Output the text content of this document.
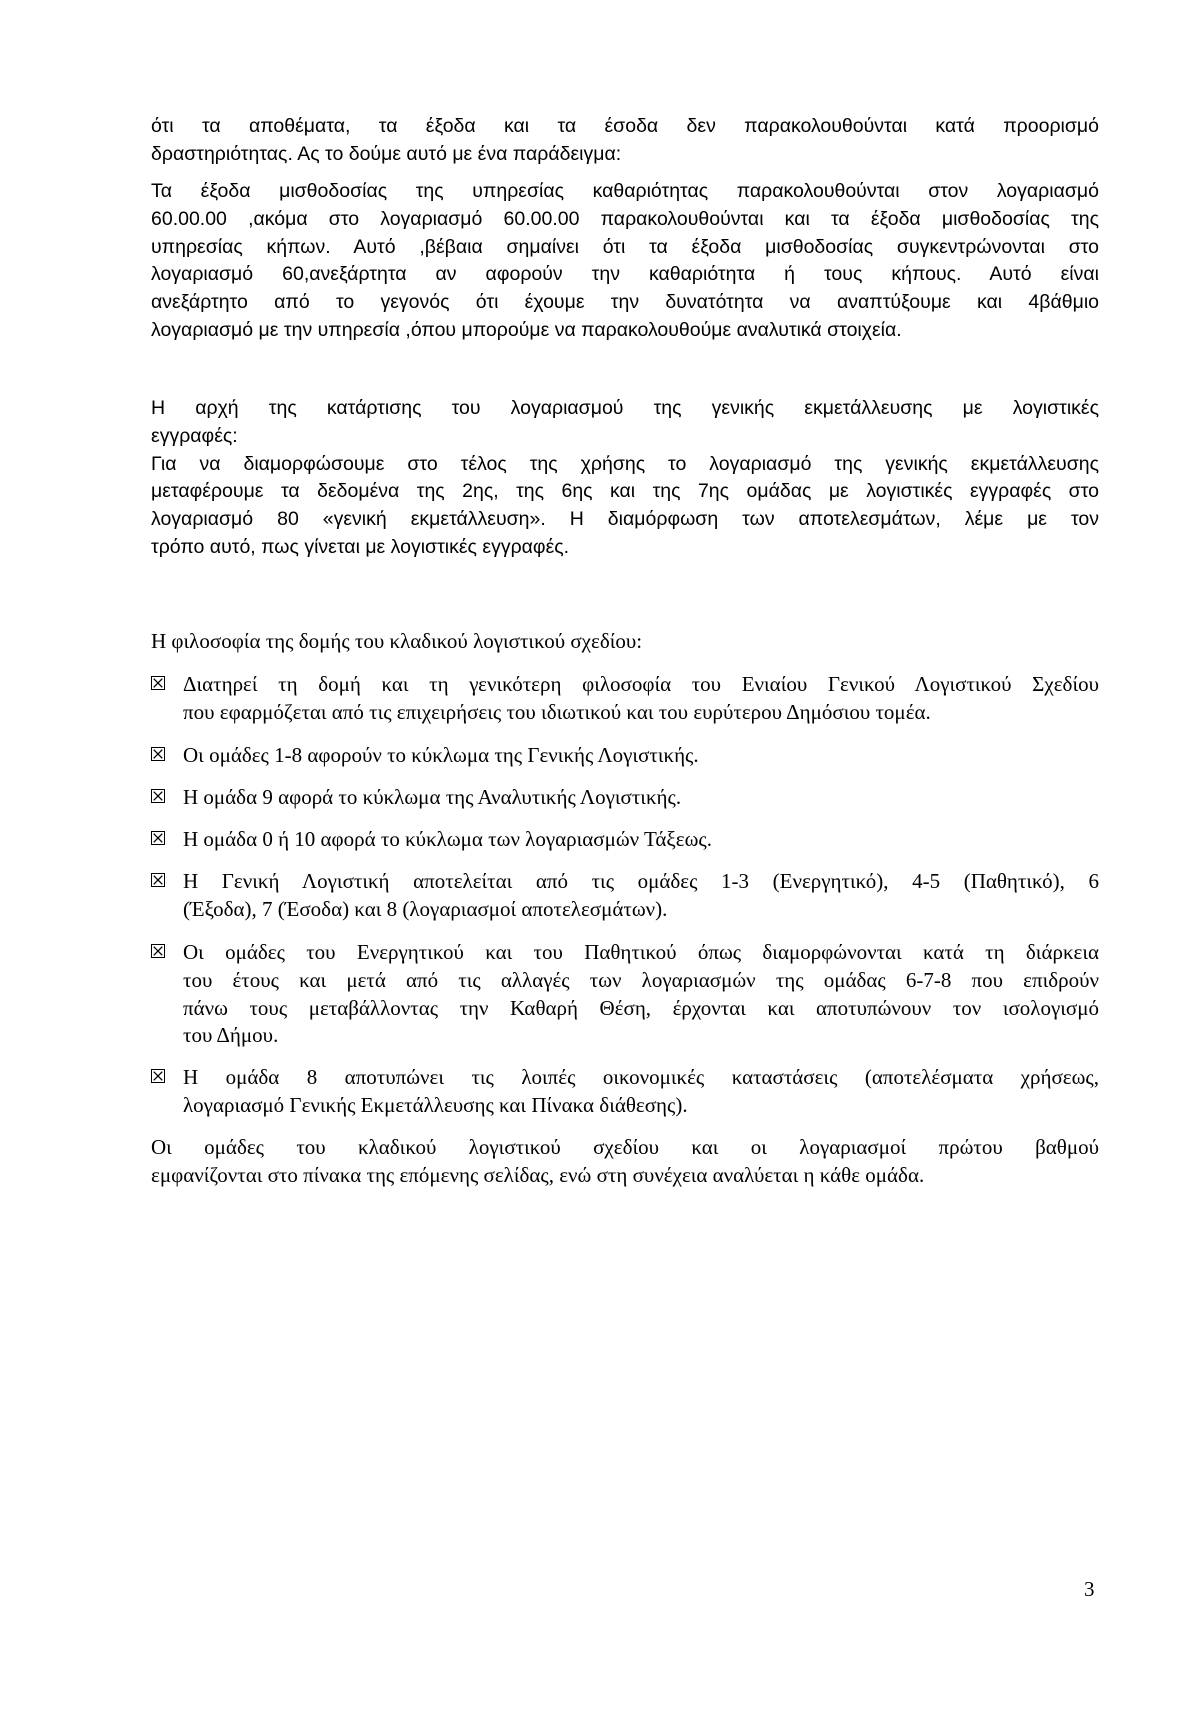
ότι τα αποθέματα, τα έξοδα και τα έσοδα δεν παρακολουθούνται κατά προορισμό

δραστηριότητας. Ας το δούμε αυτό με ένα παράδειγμα:

Τα έξοδα μισθοδοσίας της υπηρεσίας καθαριότητας παρακολουθούνται στον λογαριασμό

60.00.00 ,ακόμα στο λογαριασμό 60.00.00 παρακολουθούνται και τα έξοδα μισθοδοσίας της

υπηρεσίας κήπων. Αυτό ,βέβαια σημαίνει ότι τα έξοδα μισθοδοσίας συγκεντρώνονται στο

λογαριασμό 60,ανεξάρτητα αν αφορούν την καθαριότητα ή τους κήπους. Αυτό είναι

ανεξάρτητο από το γεγονός ότι έχουμε την δυνατότητα να αναπτύξουμε και 4βάθμιο

λογαριασμό με την υπηρεσία ,όπου μπορούμε να παρακολουθούμε αναλυτικά στοιχεία.

Η αρχή της κατάρτισης του λογαριασμού της γενικής εκμετάλλευσης με λογιστικές

εγγραφές:

Για να διαμορφώσουμε στο τέλος της χρήσης το λογαριασμό της γενικής εκμετάλλευσης

μεταφέρουμε τα δεδομένα της 2ης, της 6ης και της 7ης ομάδας με λογιστικές εγγραφές στο

λογαριασμό 80 «γενική εκμετάλλευση». Η διαμόρφωση των αποτελεσμάτων, λέμε με τον

τρόπο αυτό, πως γίνεται με λογιστικές εγγραφές.

Η φιλοσοφία της δομής του κλαδικού λογιστικού σχεδίου:

Διατηρεί τη δομή και τη γενικότερη φιλοσοφία του Ενιαίου Γενικού Λογιστικού Σχεδίου

που εφαρμόζεται από τις επιχειρήσεις του ιδιωτικού και του ευρύτερου Δημόσιου τομέα.

Οι ομάδες 1-8 αφορούν το κύκλωμα της Γενικής Λογιστικής.

Η ομάδα 9 αφορά το κύκλωμα της Αναλυτικής Λογιστικής.

Η ομάδα 0 ή 10 αφορά το κύκλωμα των λογαριασμών Τάξεως.

Η Γενική Λογιστική αποτελείται από τις ομάδες 1-3 (Ενεργητικό), 4-5 (Παθητικό), 6

(Έξοδα), 7 (Έσοδα) και 8 (λογαριασμοί αποτελεσμάτων).

Οι ομάδες του Ενεργητικού και του Παθητικού όπως διαμορφώνονται κατά τη διάρκεια

του έτους και μετά από τις αλλαγές των λογαριασμών της ομάδας 6-7-8 που επιδρούν

πάνω τους μεταβάλλοντας την Καθαρή Θέση, έρχονται και αποτυπώνουν τον ισολογισμό

του Δήμου.

Η ομάδα 8 αποτυπώνει τις λοιπές οικονομικές καταστάσεις (αποτελέσματα χρήσεως,

λογαριασμό Γενικής Εκμετάλλευσης και Πίνακα διάθεσης).

Οι ομάδες του κλαδικού λογιστικού σχεδίου και οι λογαριασμοί πρώτου βαθμού

εμφανίζονται στο πίνακα της επόμενης σελίδας, ενώ στη συνέχεια αναλύεται η κάθε ομάδα.

3
